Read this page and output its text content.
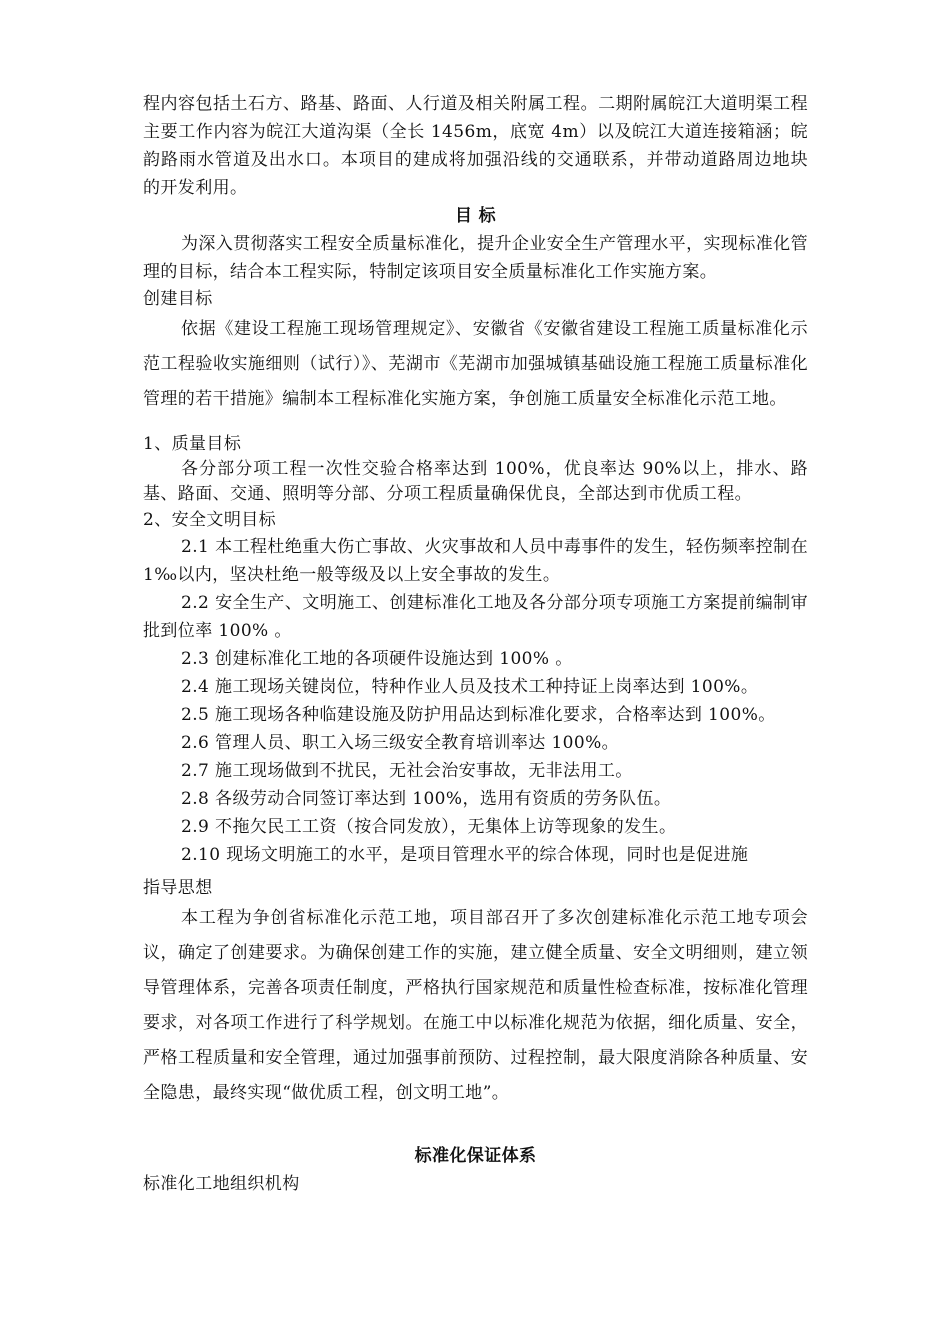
程内容包括土石方、路基、路面、人行道及相关附属工程。二期附属皖江大道明渠工程主要工作内容为皖江大道沟渠（全长 1456m，底宽 4m）以及皖江大道连接箱涵；皖韵路雨水管道及出水口。本项目的建成将加强沿线的交通联系，并带动道路周边地块 的开发利用。

目 标

为深入贯彻落实工程安全质量标准化，提升企业安全生产管理水平，实现标准化管理的目标，结合本工程实际，特制定该项目安全质量标准化工作实施方案。

创建目标

依据《建设工程施工现场管理规定》、安徽省《安徽省建设工程施工质量标准化示范工程验收实施细则（试行）》、芜湖市《芜湖市加强城镇基础设施工程施工质量标准化管理的若干措施》编制本工程标准化实施方案，争创施工质量安全标准化示范工地。

1、质量目标

各分部分项工程一次性交验合格率达到 100%，优良率达 90%以上，排水、路基、路面、交通、照明等分部、分项工程质量确保优良，全部达到市优质工程。

2、安全文明目标

2.1 本工程杜绝重大伤亡事故、火灾事故和人员中毒事件的发生，轻伤频率控制在 1‰以内，坚决杜绝一般等级及以上安全事故的发生。

2.2 安全生产、文明施工、创建标准化工地及各分部分项专项施工方案提前编制审批到位率 100% 。

2.3 创建标准化工地的各项硬件设施达到 100% 。

2.4 施工现场关键岗位，特种作业人员及技术工种持证上岗率达到 100%。

2.5 施工现场各种临建设施及防护用品达到标准化要求，合格率达到 100%。

2.6 管理人员、职工入场三级安全教育培训率达 100%。

2.7 施工现场做到不扰民，无社会治安事故，无非法用工。

2.8 各级劳动合同签订率达到 100%，选用有资质的劳务队伍。

2.9 不拖欠民工工资（按合同发放），无集体上访等现象的发生。

2.10 现场文明施工的水平，是项目管理水平的综合体现，同时也是促进施

指导思想

本工程为争创省标准化示范工地，项目部召开了多次创建标准化示范工地专项会议，确定了创建要求。为确保创建工作的实施，建立健全质量、安全文明细则，建立领导管理体系，完善各项责任制度，严格执行国家规范和质量性检查标准，按标准化管理要求，对各项工作进行了科学规划。在施工中以标准化规范为依据，细化质量、安全，严格工程质量和安全管理，通过加强事前预防、过程控制，最大限度消除各种质量、安全隐患，最终实现“做优质工程，创文明工地”。

标准化保证体系

标准化工地组织机构
